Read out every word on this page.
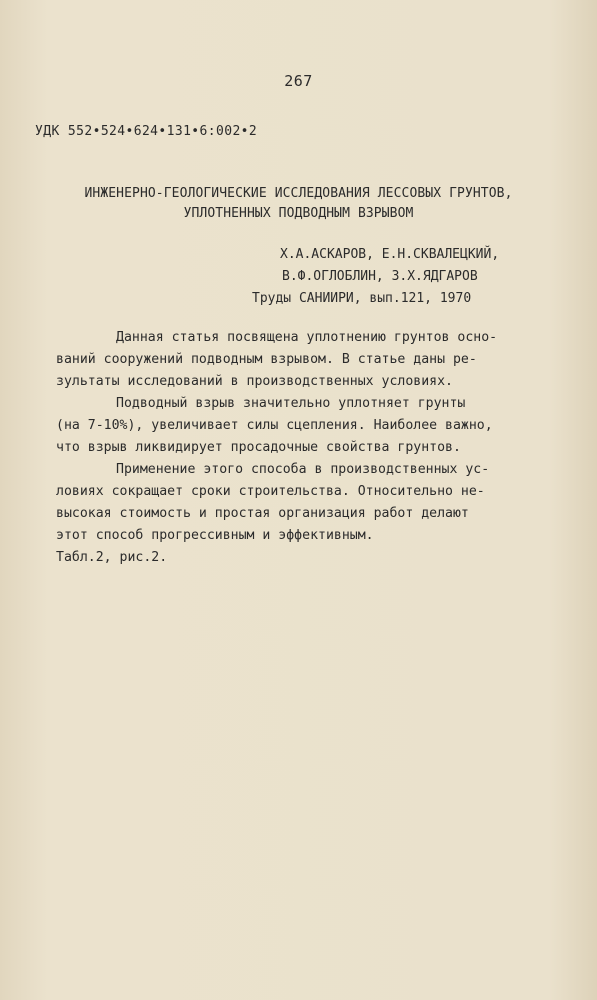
267
УДК 552•524•624•131•6:002•2
ИНЖЕНЕРНО-ГЕОЛОГИЧЕСКИЕ ИССЛЕДОВАНИЯ ЛЕССОВЫХ ГРУНТОВ,
УПЛОТНЕННЫХ ПОДВОДНЫМ ВЗРЫВОМ
Х.А.АСКАРОВ, Е.Н.СКВАЛЕЦКИЙ,
В.Ф.ОГЛОБЛИН, З.Х.ЯДГАРОВ
Труды САНИИРИ, вып.121, 1970
Данная статья посвящена уплотнению грунтов осно-
ваний сооружений подводным взрывом. В статье даны ре-
зультаты исследований в производственных условиях.
Подводный взрыв значительно уплотняет грунты
(на 7-10%), увеличивает силы сцепления. Наиболее важно,
что взрыв ликвидирует просадочные свойства грунтов.
Применение этого способа в производственных ус-
ловиях сокращает сроки строительства. Относительно не-
высокая стоимость и простая организация работ делают
этот способ прогрессивным и эффективным.
Табл.2, рис.2.
